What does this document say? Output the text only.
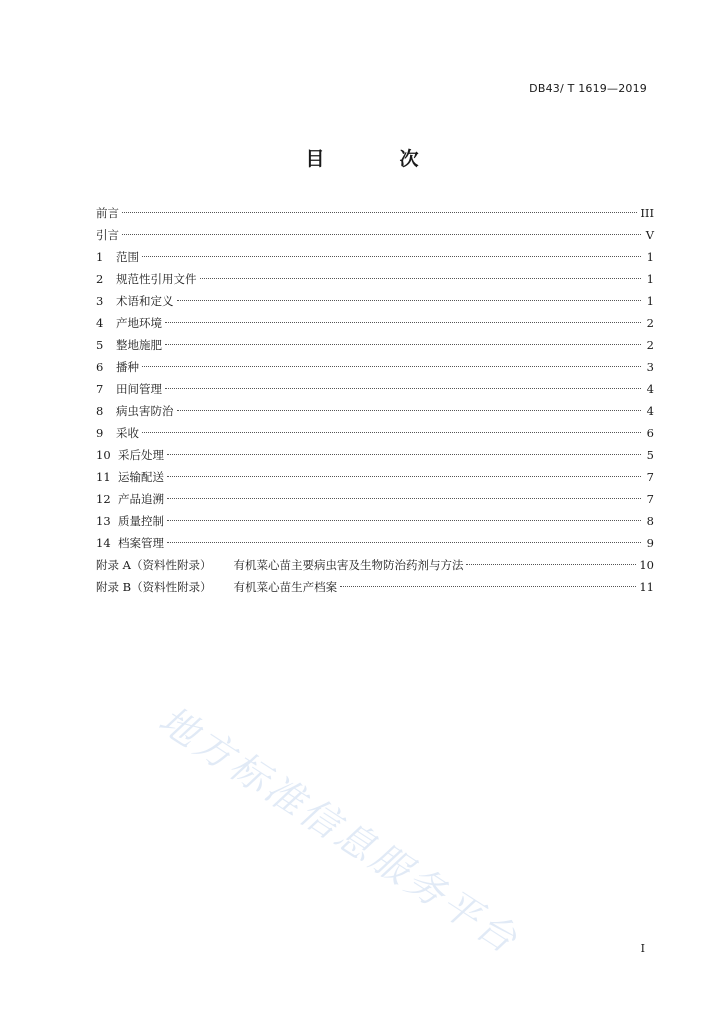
DB43/ T 1619—2019
目　次
前言	III
引言	V
1	范围	1
2	规范性引用文件	1
3	术语和定义	1
4	产地环境	2
5	整地施肥	2
6	播种	3
7	田间管理	4
8	病虫害防治	4
9	采收	6
10 采后处理	5
11 运输配送	7
12 产品追溯	7
13 质量控制	8
14 档案管理	9
附录 A（资料性附录） 有机菜心苗主要病虫害及生物防治药剂与方法	10
附录 B（资料性附录） 有机菜心苗生产档案	11
地方标准信息服务平台	I
